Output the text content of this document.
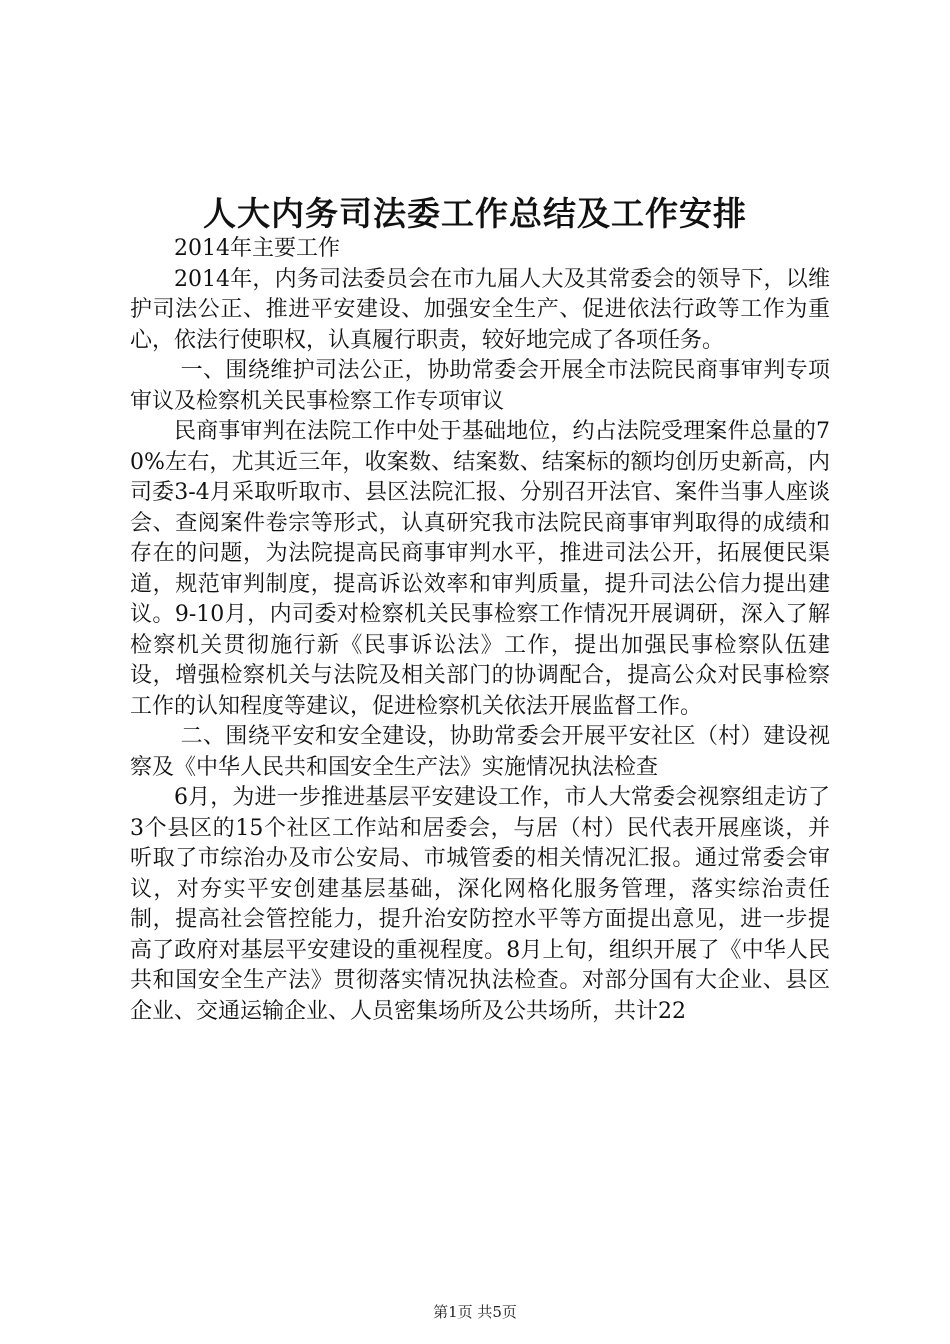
人大内务司法委工作总结及工作安排

2014年主要工作

2014年，内务司法委员会在市九届人大及其常委会的领导下，以维护司法公正、推进平安建设、加强安全生产、促进依法行政等工作为重心，依法行使职权，认真履行职责，较好地完成了各项任务。

一、围绕维护司法公正，协助常委会开展全市法院民商事审判专项审议及检察机关民事检察工作专项审议

民商事审判在法院工作中处于基础地位，约占法院受理案件总量的70%左右，尤其近三年，收案数、结案数、结案标的额均创历史新高，内司委3-4月采取听取市、县区法院汇报、分别召开法官、案件当事人座谈会、查阅案件卷宗等形式，认真研究我市法院民商事审判取得的成绩和存在的问题，为法院提高民商事审判水平，推进司法公开，拓展便民渠道，规范审判制度，提高诉讼效率和审判质量，提升司法公信力提出建议。9-10月，内司委对检察机关民事检察工作情况开展调研，深入了解检察机关贯彻施行新《民事诉讼法》工作，提出加强民事检察队伍建设，增强检察机关与法院及相关部门的协调配合，提高公众对民事检察工作的认知程度等建议，促进检察机关依法开展监督工作。

二、围绕平安和安全建设，协助常委会开展平安社区（村）建设视察及《中华人民共和国安全生产法》实施情况执法检查

6月，为进一步推进基层平安建设工作，市人大常委会视察组走访了3个县区的15个社区工作站和居委会，与居（村）民代表开展座谈，并听取了市综治办及市公安局、市城管委的相关情况汇报。通过常委会审议，对夯实平安创建基层基础，深化网格化服务管理，落实综治责任制，提高社会管控能力，提升治安防控水平等方面提出意见，进一步提高了政府对基层平安建设的重视程度。8月上旬，组织开展了《中华人民共和国安全生产法》贯彻落实情况执法检查。对部分国有大企业、县区企业、交通运输企业、人员密集场所及公共场所，共计22

第1页 共5页
